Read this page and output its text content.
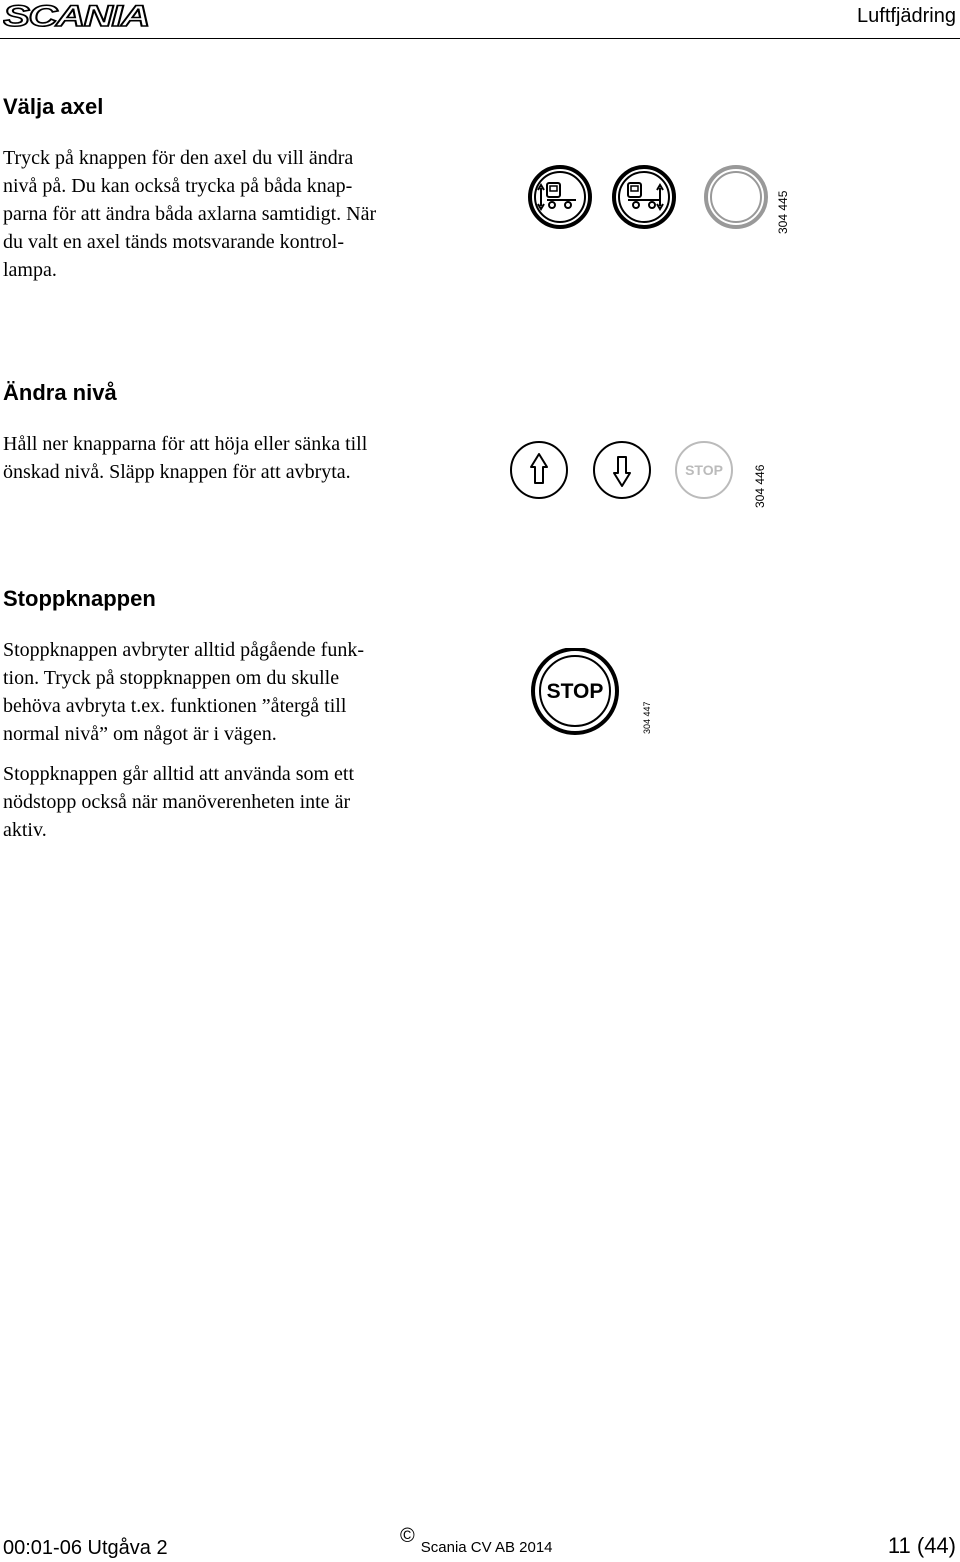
SCANIA	Luftfjädring
Välja axel

Tryck på knappen för den axel du vill ändra
nivå på. Du kan också trycka på båda knap-
parna för att ändra båda axlarna samtidigt. När
du valt en axel tänds motsvarande kontrol-
lampa.

304 445
Ändra nivå

Håll ner knapparna för att höja eller sänka till
önskad nivå. Släpp knappen för att avbryta.	STOP	304 446
Stoppknappen

Stoppknappen avbryter alltid pågående funk-
tion. Tryck på stoppknappen om du skulle
behöva avbryta t.ex. funktionen ”återgå till
normal nivå” om något är i vägen.

Stoppknappen går alltid att använda som ett
nödstopp också när manöverenheten inte är
aktiv.

STOP
304 447
00:01-06 Utgåva 2
©Scania CV AB 2014	11 (44)
